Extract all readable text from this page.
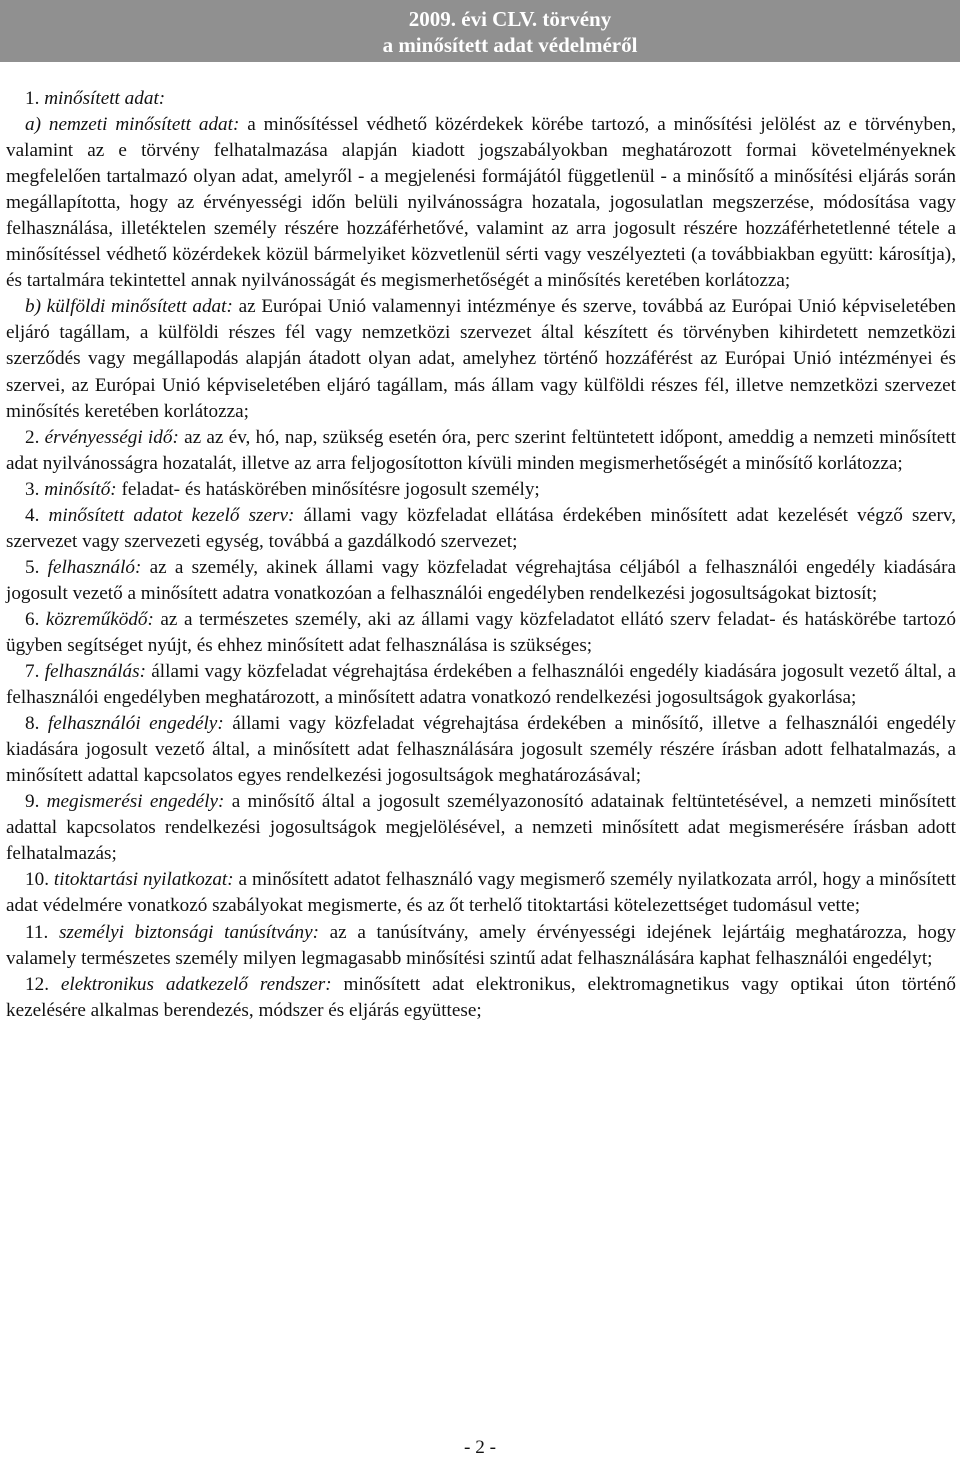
2009. évi CLV. törvény
a minősített adat védelméről

1. minősített adat:

a) nemzeti minősített adat: a minősítéssel védhető közérdekek körébe tartozó, a minősítési jelölést az e törvényben, valamint az e törvény felhatalmazása alapján kiadott jogszabályokban meghatározott formai követelményeknek megfelelően tartalmazó olyan adat, amelyről - a megjelenési formájától függetlenül - a minősítő a minősítési eljárás során megállapította, hogy az érvényességi időn belüli nyilvánosságra hozatala, jogosulatlan megszerzése, módosítása vagy felhasználása, illetéktelen személy részére hozzáférhetővé, valamint az arra jogosult részére hozzáférhetetlenné tétele a minősítéssel védhető közérdekek közül bármelyiket közvetlenül sérti vagy veszélyezteti (a továbbiakban együtt: károsítja), és tartalmára tekintettel annak nyilvánosságát és megismerhetőségét a minősítés keretében korlátozza;

b) külföldi minősített adat: az Európai Unió valamennyi intézménye és szerve, továbbá az Európai Unió képviseletében eljáró tagállam, a külföldi részes fél vagy nemzetközi szervezet által készített és törvényben kihirdetett nemzetközi szerződés vagy megállapodás alapján átadott olyan adat, amelyhez történő hozzáférést az Európai Unió intézményei és szervei, az Európai Unió képviseletében eljáró tagállam, más állam vagy külföldi részes fél, illetve nemzetközi szervezet minősítés keretében korlátozza;

2. érvényességi idő: az az év, hó, nap, szükség esetén óra, perc szerint feltüntetett időpont, ameddig a nemzeti minősített adat nyilvánosságra hozatalát, illetve az arra feljogosítotton kívüli minden megismerhetőségét a minősítő korlátozza;

3. minősítő: feladat- és hatáskörében minősítésre jogosult személy;

4. minősített adatot kezelő szerv: állami vagy közfeladat ellátása érdekében minősített adat kezelését végző szerv, szervezet vagy szervezeti egység, továbbá a gazdálkodó szervezet;

5. felhasználó: az a személy, akinek állami vagy közfeladat végrehajtása céljából a felhasználói engedély kiadására jogosult vezető a minősített adatra vonatkozóan a felhasználói engedélyben rendelkezési jogosultságokat biztosít;

6. közreműködő: az a természetes személy, aki az állami vagy közfeladatot ellátó szerv feladat- és hatáskörébe tartozó ügyben segítséget nyújt, és ehhez minősített adat felhasználása is szükséges;

7. felhasználás: állami vagy közfeladat végrehajtása érdekében a felhasználói engedély kiadására jogosult vezető által, a felhasználói engedélyben meghatározott, a minősített adatra vonatkozó rendelkezési jogosultságok gyakorlása;

8. felhasználói engedély: állami vagy közfeladat végrehajtása érdekében a minősítő, illetve a felhasználói engedély kiadására jogosult vezető által, a minősített adat felhasználására jogosult személy részére írásban adott felhatalmazás, a minősített adattal kapcsolatos egyes rendelkezési jogosultságok meghatározásával;

9. megismerési engedély: a minősítő által a jogosult személyazonosító adatainak feltüntetésével, a nemzeti minősített adattal kapcsolatos rendelkezési jogosultságok megjelölésével, a nemzeti minősített adat megismerésére írásban adott felhatalmazás;

10. titoktartási nyilatkozat: a minősített adatot felhasználó vagy megismerő személy nyilatkozata arról, hogy a minősített adat védelmére vonatkozó szabályokat megismerte, és az őt terhelő titoktartási kötelezettséget tudomásul vette;

11. személyi biztonsági tanúsítvány: az a tanúsítvány, amely érvényességi idejének lejártáig meghatározza, hogy valamely természetes személy milyen legmagasabb minősítési szintű adat felhasználására kaphat felhasználói engedélyt;

12. elektronikus adatkezelő rendszer: minősített adat elektronikus, elektromagnetikus vagy optikai úton történő kezelésére alkalmas berendezés, módszer és eljárás együttese;

- 2 -
